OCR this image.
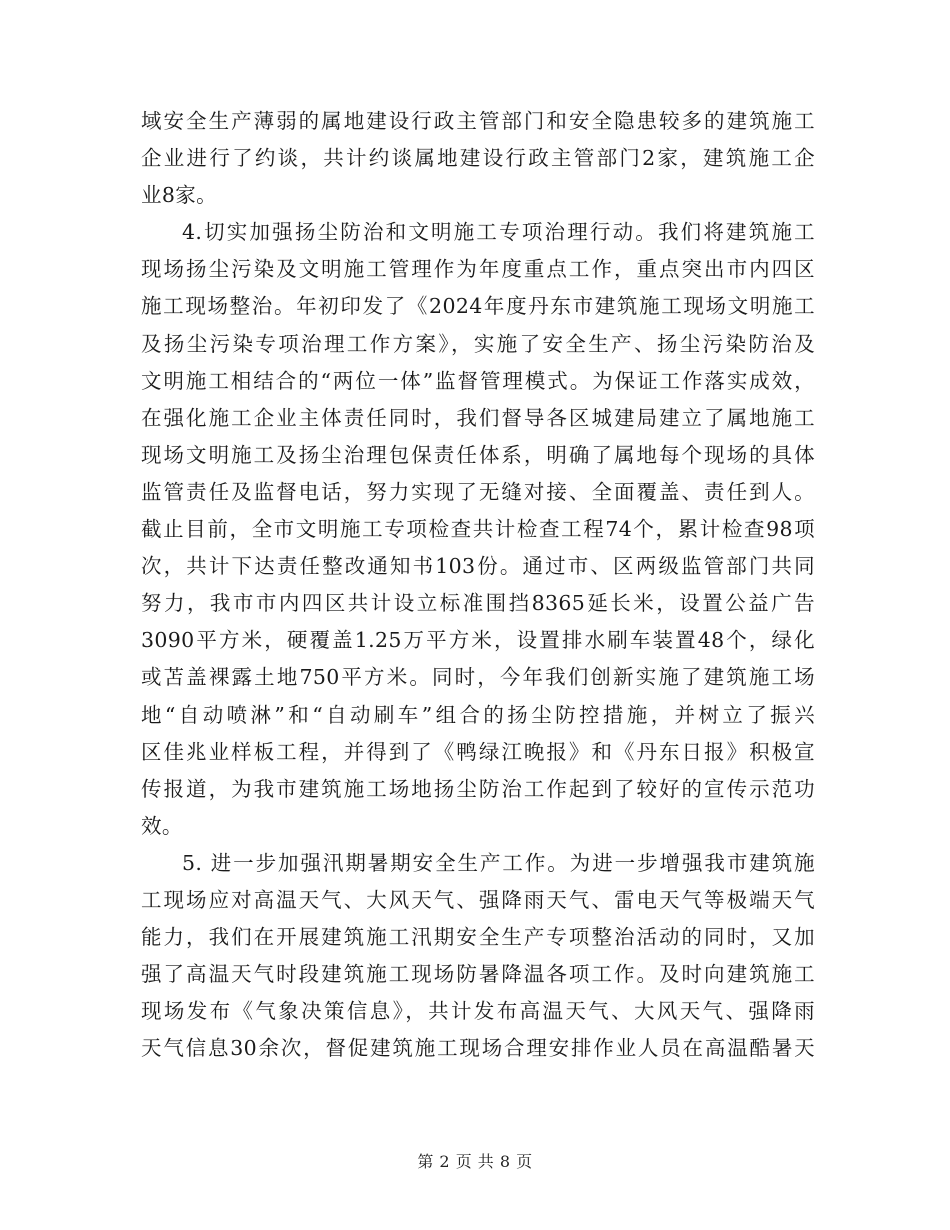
域安全生产薄弱的属地建设行政主管部门和安全隐患较多的建筑施工
企业进行了约谈，共计约谈属地建设行政主管部门2家，建筑施工企
业8家。
4.切实加强扬尘防治和文明施工专项治理行动。我们将建筑施工
现场扬尘污染及文明施工管理作为年度重点工作，重点突出市内四区
施工现场整治。年初印发了《2024年度丹东市建筑施工现场文明施工
及扬尘污染专项治理工作方案》，实施了安全生产、扬尘污染防治及
文明施工相结合的“两位一体”监督管理模式。为保证工作落实成效，
在强化施工企业主体责任同时，我们督导各区城建局建立了属地施工
现场文明施工及扬尘治理包保责任体系，明确了属地每个现场的具体
监管责任及监督电话，努力实现了无缝对接、全面覆盖、责任到人。
截止目前，全市文明施工专项检查共计检查工程74个，累计检查98项
次，共计下达责任整改通知书103份。通过市、区两级监管部门共同
努力，我市市内四区共计设立标准围挡8365延长米，设置公益广告
3090平方米，硬覆盖1.25万平方米，设置排水刷车装置48个，绿化
或苫盖裸露土地750平方米。同时，今年我们创新实施了建筑施工场
地“自动喷淋”和“自动刷车”组合的扬尘防控措施，并树立了振兴
区佳兆业样板工程，并得到了《鸭绿江晚报》和《丹东日报》积极宣
传报道，为我市建筑施工场地扬尘防治工作起到了较好的宣传示范功
效。
5. 进一步加强汛期暑期安全生产工作。为进一步增强我市建筑施
工现场应对高温天气、大风天气、强降雨天气、雷电天气等极端天气
能力，我们在开展建筑施工汛期安全生产专项整治活动的同时，又加
强了高温天气时段建筑施工现场防暑降温各项工作。及时向建筑施工
现场发布《气象决策信息》，共计发布高温天气、大风天气、强降雨
天气信息30余次，督促建筑施工现场合理安排作业人员在高温酷暑天
第 2 页 共 8 页
